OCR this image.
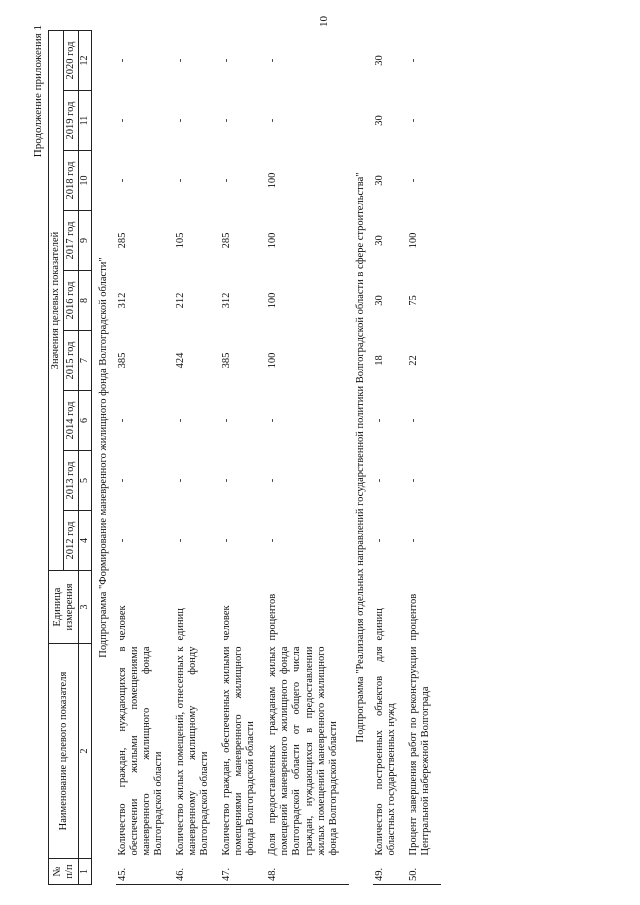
10
Продолжение приложения 1
№
п/п	Наименование целевого показателя	Единица измерения	Значения целевых показателей								
			2012 год	2013 год	2014 год	2015 год	2016 год	2017 год	2018 год	2019 год	2020 год
1	2	3	4	5	6	7	8	9	10	11	12
Подпрограмма "Формирование маневренного жилищного фонда Волгоградской области"											
45.	Количество граждан, нуждающихся в обеспечении жилыми помещениями маневренного жилищного фонда Волгоградской области	человек	-	-	-	385	312	285	-	-	-

46.	Количество жилых помещений, отнесенных к маневренному жилищному фонду Волгоградской области	единиц	-	-	-	424	212	105	-	-	-

47.	Количество граждан, обеспеченных жилыми помещениями маневренного жилищного фонда Волгоградской области	человек	-	-	-	385	312	285	-	-	-

48.	Доля предоставленных гражданам жилых помещений маневренного жилищного фонда Волгоградской области от общего числа граждан, нуждающихся в предоставлении жилых помещений маневренного жилищного фонда Волгоградской области	процентов	-	-	-	100	100	100	100	-	-

Подпрограмма "Реализация отдельных направлений государственной политики Волгоградской области в сфере строительства"											
49.	Количество построенных объектов для областных государственных нужд	единиц	-	-	-	18	30	30	30	30	30

50.	Процент завершения работ по реконструкции Центральной набережной Волгограда	процентов	-	-	-	22	75	100	-	-	-
